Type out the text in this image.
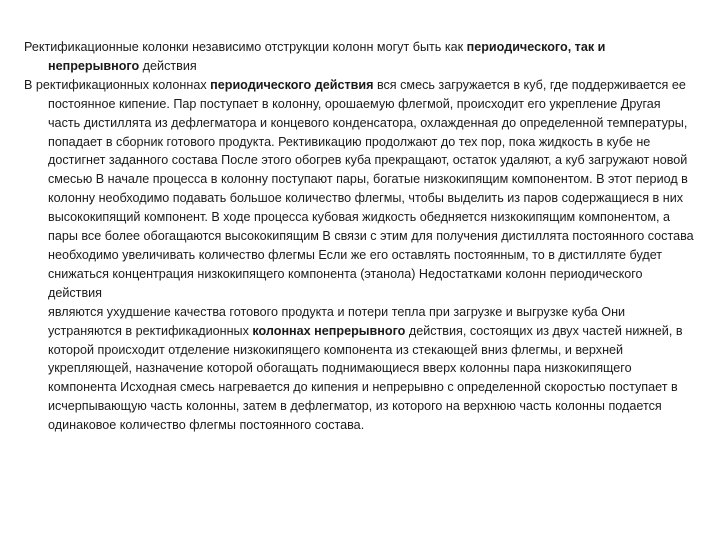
Ректификационные колонки независимо отструкции колонн могут быть как периодического, так и непрерывного действия

В ректификационных колоннах периодического действия вся смесь загружается в куб, где поддерживается ее постоянное кипение. Пар поступает в колонну, орошаемую флегмой, происходит его укрепление Другая часть дистиллята из дефлегматора и концевого конденсатора, охлажденная до определенной температуры, попадает в сборник готового продукта. Рективикацию продолжают до тех пор, пока жидкость в кубе не достигнет заданного состава После этого обогрев куба прекращают, остаток удаляют, а куб загружают новой смесью В начале процесса в колонну поступают пары, богатые низкокипящим компонентом. В этот период в колонну необходимо подавать большое количество флегмы, чтобы выделить из паров содержащиеся в них высококипящий компонент. В ходе процесса кубовая жидкость обедняется низкокипящим компонентом, а пары все более обогащаются высококипящим В связи с этим для получения дистиллята постоянного состава необходимо увеличивать количество флегмы Если же его оставлять постоянным, то в дистилляте будет снижаться концентрация низкокипящего компонента (этанола) Недостатками колонн периодического действия

являются ухудшение качества готового продукта и потери тепла при загрузке и выгрузке куба Они

устраняются в ректификадионных колоннах непрерывного действия, состоящих из двух частей нижней, в которой происходит отделение низкокипящего компонента из стекающей вниз флегмы, и верхней укрепляющей, назначение которой обогащать поднимающиеся вверх колонны пара низкокипящего компонента Исходная смесь нагревается до кипения и непрерывно с определенной скоростью поступает в исчерпывающую часть колонны, затем в дефлегматор, из которого на верхнюю часть колонны подается одинаковое количество флегмы постоянного состава.
